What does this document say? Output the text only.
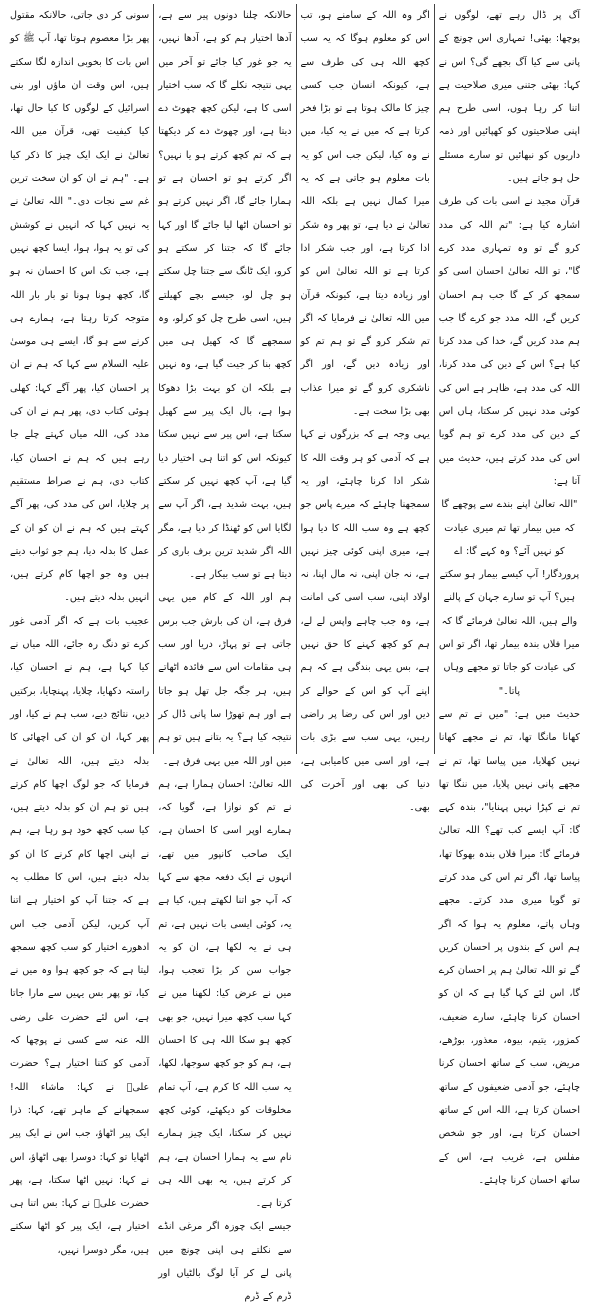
سونی کر دی جاتی، حالانکہ مقتول پھر بڑا معصوم ہوتا تھا، آپ ﷺ کو اس بات کا بخوبی اندازہ لگا سکتے ہیں، اس وقت ان ماؤں اور بنی اسرائیل کے لوگوں کا کیا حال تھا، کیا کیفیت تھی، قرآن میں اللہ تعالیٰ نے ایک ایک چیز کا ذکر کیا ہے۔ "ہم نے ان کو ان سخت ترین غم سے نجات دی۔" اللہ تعالیٰ نے یہ نہیں کہا کہ انہیں نے کوشش کی تو یہ ہوا، ہوا، ایسا کچھ نہیں ہے، جب تک اس کا احسان نہ ہو گا، کچھ ہونا ہونا تو بار بار اللہ متوجہ کرتا رہتا ہے، ہمارے ہی کرنے سے ہو گا، ایسے ہی موسیٰ علیہ السلام سے کہا کہ ہم نے ان پر احسان کیا، پھر آگے کہا: کھلی ہوئی کتاب دی، پھر ہم نے ان کی مدد کی، اللہ میاں کہتے چلے جا رہے ہیں کہ ہم نے احسان کیا، کتاب دی، ہم نے صراط مستقیم پر چلایا، اس کی مدد کی، پھر آگے کہتے ہیں کہ ہم نے ان کو ان کے عمل کا بدلہ دیا، ہم جو ثواب دیتے ہیں وہ جو اچھا کام کرتے ہیں، انہیں بدلہ دیتے ہیں۔

عجیب بات ہے کہ اگر آدمی غور کرے تو دنگ رہ جائے، اللہ میاں نے کیا کہا ہے، ہم نے احسان کیا، راستہ دکھایا، چلایا، پہنچایا، برکتیں دیں، نتائج دیے، سب ہم نے کیا، اور پھر کہا، ان کو ان کی اچھائی کا بدلہ دیتے ہیں، اللہ تعالیٰ نے فرمایا کہ جو لوگ اچھا کام کرتے ہیں تو ہم ان کو بدلہ دیتے ہیں، کیا سب کچھ خود ہو رہا ہے، ہم نے اپنی اچھا کام کرنے کا ان کو بدلہ دیتے ہیں، اس کا مطلب یہ ہے کہ جتنا آپ کو اختیار ہے اتنا آپ کریں، لیکن آدمی جب اس ادھورے اختیار کو سب کچھ سمجھ لیتا ہے کہ جو کچھ ہوا وہ میں نے کیا، تو پھر بس یہیں سے مارا جاتا ہے، اس لئے حضرت علی رضی اللہ عنہ سے کسی نے پوچھا کہ آدمی کو کتنا اختیار ہے؟ حضرت علیؓ نے کہا: ماشاء اللہ! سمجھانے کے ماہر تھے، کہا: ذرا ایک پیر اٹھاؤ، جب اس نے ایک پیر اٹھایا تو کہا: دوسرا بھی اٹھاؤ، اس نے کہا: نہیں اٹھا سکتا، ہے، پھر حضرت علیؓ نے کہا: بس اتنا ہی اختیار ہے، ایک پیر کو اٹھا سکتے ہیں، مگر دوسرا نہیں،

حالانکہ چلنا دونوں پیر سے ہے، آدھا اختیار ہم کو ہے، آدھا نہیں، یہ جو غور کیا جائے تو آخر میں یہی نتیجہ نکلے گا کہ سب اختیار اسی کا ہے، لیکن کچھ چھوٹ دے دیتا ہے، اور چھوٹ دے کر دیکھتا ہے کہ تم کچھ کرتے ہو یا نہیں؟ اگر کرتے ہو تو احسان ہے تو ہمارا جائے گا، اگر نہیں کرتے ہو تو احسان اٹھا لیا جائے گا اور کہا جائے گا کہ جتنا کر سکتے ہو کرو، ایک ٹانگ سے جتنا چل سکتے ہو چل لو، جیسے بچے کھیلتے ہیں، اسی طرح چل کو کرلو، وہ سمجھے گا کہ کھیل ہی میں کچھ بنا کر جیت گیا ہے، وہ نہیں ہے بلکہ ان کو بہت بڑا دھوکا ہوا ہے، بال ایک پیر سے کھیل سکتا ہے، اس پیر سے نہیں سکتا کیونکہ اس کو اتنا ہی اختیار دیا گیا ہے، آپ کچھ نہیں کر سکتے ہیں، بہت شدید ہے، اگر آپ سے لگایا اس کو ٹھنڈا کر دیا ہے، مگر اللہ اگر شدید ترین برف باری کر دیتا ہے تو سب بیکار ہے۔

ہم اور اللہ کے کام میں یہی فرق ہے، ان کی بارش جب برس جاتی ہے تو پہاڑ، دریا اور سب ہی مقامات اس سے فائدہ اٹھاتے ہیں، ہر جگہ جل تھل ہو جاتا ہے اور ہم تھوڑا سا پانی ڈال کر نتیجہ کیا ہے؟ یہ بتانے ہیں تو ہم میں اور اللہ میں یہی فرق ہے۔

اللہ تعالیٰ: احسان ہمارا ہے، ہم نے تم کو نوازا ہے، گویا کہ، ہمارے اوپر اسی کا احسان ہے، ایک صاحب کانپور میں تھے، انہوں نے ایک دفعہ مجھ سے کہا کہ آپ جو اتنا لکھتے ہیں، کیا ہے یہ، کوئی ایسی بات نہیں ہے، تم ہی نے یہ لکھا ہے، ان کو یہ جواب سن کر بڑا تعجب ہوا، میں نے عرض کیا: لکھنا میں نے کہا سب کچھ میرا نہیں، جو بھی کچھ ہو سکا اللہ ہی کا احسان ہے، ہم کو جو کچھ سوجھا، لکھا، یہ سب اللہ کا کرم ہے، آپ تمام مخلوقات کو دیکھئے، کوئی کچھ نہیں کر سکتا، ایک چیز ہمارے نام سے یہ ہمارا احسان ہے، ہم کر کرتے ہیں، یہ بھی اللہ ہی کرتا ہے۔

جیسے ایک چوزہ اگر مرغی انڈے سے نکلتے ہی اپنی چونچ میں پانی لے کر آیا لوگ بالٹیاں اور ڈرم کے ڈرم

اگر وہ اللہ کے سامنے ہو، تب اس کو معلوم ہوگا کہ یہ سب کچھ اللہ ہی کی طرف سے ہے، کیونکہ انسان جب کسی چیز کا مالک ہوتا ہے تو بڑا فخر کرتا ہے کہ میں نے یہ کیا، میں نے وہ کیا، لیکن جب اس کو یہ بات معلوم ہو جاتی ہے کہ یہ میرا کمال نہیں ہے بلکہ اللہ تعالیٰ نے دیا ہے، تو پھر وہ شکر ادا کرتا ہے، اور جب شکر ادا کرتا ہے تو اللہ تعالیٰ اس کو اور زیادہ دیتا ہے، کیونکہ قرآن میں اللہ تعالیٰ نے فرمایا کہ اگر تم شکر کرو گے تو ہم تم کو اور زیادہ دیں گے، اور اگر ناشکری کرو گے تو میرا عذاب بھی بڑا سخت ہے۔

یہی وجہ ہے کہ بزرگوں نے کہا ہے کہ آدمی کو ہر وقت اللہ کا شکر ادا کرنا چاہئے، اور یہ سمجھنا چاہئے کہ میرے پاس جو کچھ ہے وہ سب اللہ کا دیا ہوا ہے، میری اپنی کوئی چیز نہیں ہے، نہ جان اپنی، نہ مال اپنا، نہ اولاد اپنی، سب اسی کی امانت ہے، وہ جب چاہے واپس لے لے، ہم کو کچھ کہنے کا حق نہیں ہے، بس یہی بندگی ہے کہ ہم اپنے آپ کو اس کے حوالے کر دیں اور اس کی رضا پر راضی رہیں، یہی سب سے بڑی بات ہے، اور اسی میں کامیابی ہے، دنیا کی بھی اور آخرت کی بھی۔

آگ پر ڈال رہے تھے، لوگوں نے پوچھا: بھئی! تمہاری اس چونچ کے پانی سے کیا آگ بجھے گی؟ اس نے کہا: بھئی جتنی میری صلاحیت ہے اتنا کر رہا ہوں، اسی طرح ہم اپنی صلاحیتوں کو کھپائیں اور ذمہ داریوں کو نبھائیں تو سارے مسئلے حل ہو جاتے ہیں۔

قرآن مجید نے اسی بات کی طرف اشارہ کیا ہے: "تم اللہ کی مدد کرو گے تو وہ تمہاری مدد کرے گا"، تو اللہ تعالیٰ احسان اسی کو سمجھ کر کے گا جب ہم احسان کریں گے، اللہ مدد جو کرے گا جب ہم مدد کریں گے، خدا کی مدد کرنا کیا ہے؟ اس کے دین کی مدد کرنا، اللہ کی مدد ہے، ظاہر ہے اس کی کوئی مدد نہیں کر سکتا، ہاں اس کے دین کی مدد کرے تو ہم گویا اس کی مدد کرتے ہیں، حدیث میں آتا ہے:

"اللہ تعالیٰ اپنے بندے سے پوچھے گا کہ میں بیمار تھا تم میری عیادت کو نہیں آئے؟ وہ کہے گا: اے پروردگار! آپ کیسے بیمار ہو سکتے ہیں؟ آپ تو سارے جہان کے پالنے والے ہیں، اللہ تعالیٰ فرمائے گا کہ میرا فلاں بندہ بیمار تھا، اگر تو اس کی عیادت کو جاتا تو مجھے وہاں پاتا۔"

حدیث میں ہے: "میں نے تم سے کھانا مانگا تھا، تم نے مجھے کھانا نہیں کھلایا، میں پیاسا تھا، تم نے مجھے پانی نہیں پلایا، میں ننگا تھا تم نے کپڑا نہیں پہنایا"، بندہ کہے گا: آپ ایسے کب تھے؟ اللہ تعالیٰ فرمائے گا: میرا فلاں بندہ بھوکا تھا، پیاسا تھا، اگر تم اس کی مدد کرتے تو گویا میری مدد کرتے۔ مجھے وہاں پاتے، معلوم یہ ہوا کہ اگر ہم اس کے بندوں پر احسان کریں گے تو اللہ تعالیٰ ہم پر احسان کرے گا، اس لئے کہا گیا ہے کہ ان کو احسان کرنا چاہئے، سارے ضعیف، کمزور، یتیم، بیوہ، معذور، بوڑھے، مریض، سب کے ساتھ احسان کرنا چاہئے، جو آدمی ضعیفوں کے ساتھ احسان کرتا ہے، اللہ اس کے ساتھ احسان کرتا ہے، اور جو شخص مفلس ہے، غریب ہے، اس کے ساتھ احسان کرنا چاہئے۔
